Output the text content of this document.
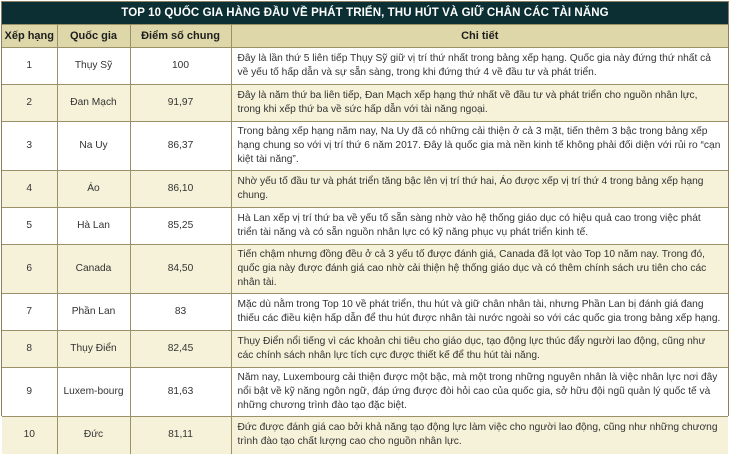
TOP 10 QUỐC GIA HÀNG ĐẦU VỀ PHÁT TRIỂN, THU HÚT VÀ GIỮ CHÂN CÁC TÀI NĂNG
Xếp hạng	Quốc gia	Điểm số chung	Chi tiết
1	Thụy Sỹ	100	Đây là lần thứ 5 liên tiếp Thụy Sỹ giữ vị trí thứ nhất trong bảng xếp hạng. Quốc gia này đứng thứ nhất cả về yếu tố hấp dẫn và sự sẵn sàng, trong khi đứng thứ 4 về đầu tư và phát triển.
2	Đan Mạch	91,97	Đây là năm thứ ba liên tiếp, Đan Mạch xếp hạng thứ nhất về đầu tư và phát triển cho nguồn nhân lực, trong khi xếp thứ ba về sức hấp dẫn với tài năng ngoại.
3	Na Uy	86,37	Trong bảng xếp hạng năm nay, Na Uy đã có những cải thiện ở cả 3 mặt, tiến thêm 3 bậc trong bảng xếp hạng chung so với vị trí thứ 6 năm 2017. Đây là quốc gia mà nền kinh tế không phải đối diện với rủi ro “cạn kiệt tài năng”.
4	Áo	86,10	Nhờ yếu tố đầu tư và phát triển tăng bậc lên vị trí thứ hai, Áo được xếp vị trí thứ 4 trong bảng xếp hạng chung.
5	Hà Lan	85,25	Hà Lan xếp vị trí thứ ba về yếu tố sẵn sàng nhờ vào hệ thống giáo dục có hiệu quả cao trong việc phát triển tài năng và có sẵn nguồn nhân lực có kỹ năng phục vụ phát triển kinh tế.
6	Canada	84,50	Tiến chậm nhưng đồng đều ở cả 3 yếu tố được đánh giá, Canada đã lọt vào Top 10 năm nay. Trong đó, quốc gia này được đánh giá cao nhờ cải thiện hệ thống giáo dục và có thêm chính sách ưu tiên cho các nhân tài.
7	Phần Lan	83	Mặc dù nằm trong Top 10 về phát triển, thu hút và giữ chân nhân tài, nhưng Phần Lan bị đánh giá đang thiếu các điều kiện hấp dẫn để thu hút được nhân tài nước ngoài so với các quốc gia trong bảng xếp hạng.
8	Thụy Điển	82,45	Thụy Điển nổi tiếng vì các khoản chi tiêu cho giáo dục, tạo động lực thúc đẩy người lao động, cũng như các chính sách nhân lực tích cực được thiết kế để thu hút tài năng.
9	Luxem-bourg	81,63	Năm nay, Luxembourg cải thiện được một bậc, mà một trong những nguyên nhân là việc nhân lực nơi đây nổi bật về kỹ năng ngôn ngữ, đáp ứng được đòi hỏi cao của quốc gia, sở hữu đội ngũ quản lý quốc tế và những chương trình đào tạo đặc biệt.
10	Đức	81,11	Đức được đánh giá cao bởi khả năng tạo động lực làm việc cho người lao động, cũng như những chương trình đào tạo chất lượng cao cho nguồn nhân lực.
